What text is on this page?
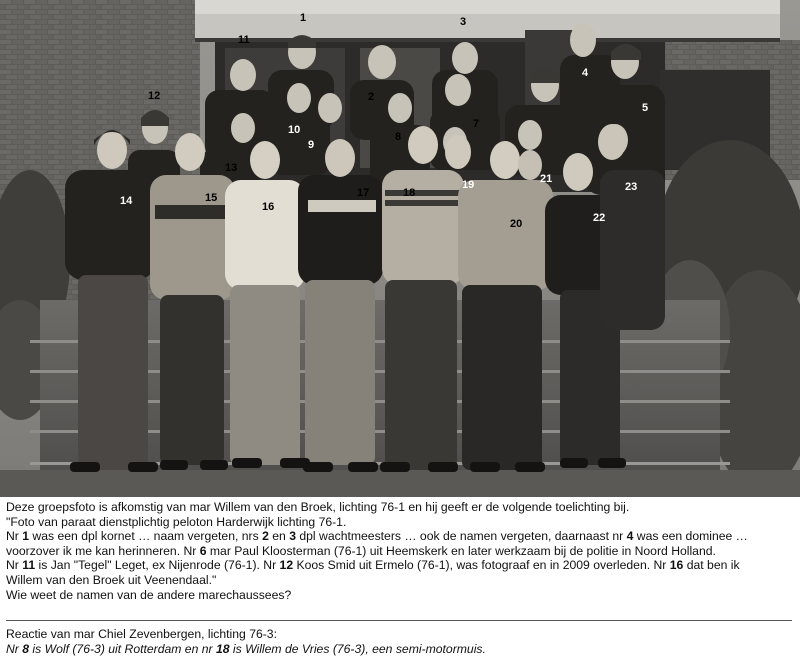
1
2
3
4
5
7
8
9
10
11
12
13
14	15
16
17	18
19
20
21
22
23

Deze groepsfoto is afkomstig van mar Willem van den Broek, lichting 76-1 en hij geeft er de volgende toelichting bij.

"Foto van paraat dienstplichtig peloton Harderwijk lichting 76-1.

Nr 1 was een dpl kornet … naam vergeten, nrs 2 en 3 dpl wachtmeesters … ook de namen vergeten, daarnaast nr 4 was een dominee …

voorzover ik me kan herinneren. Nr 6 mar Paul Kloosterman (76-1) uit Heemskerk en later werkzaam bij de politie in Noord Holland.

Nr 11 is Jan "Tegel" Leget, ex Nijenrode (76-1). Nr 12 Koos Smid uit Ermelo (76-1), was fotograaf en in 2009 overleden. Nr 16 dat ben ik

Willem van den Broek uit Veenendaal."

Wie weet de namen van de andere marechaussees?

Reactie van mar Chiel Zevenbergen, lichting 76-3:

Nr 8 is Wolf (76-3) uit Rotterdam en nr 18 is Willem de Vries (76-3), een semi-motormuis.
